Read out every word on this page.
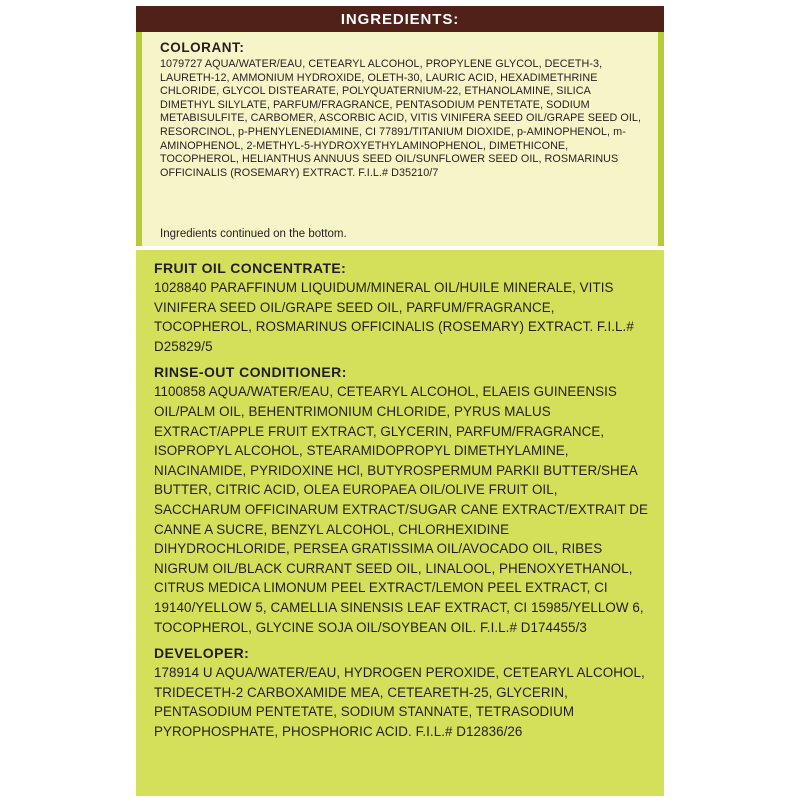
INGREDIENTS:
COLORANT:
1079727 AQUA/WATER/EAU, CETEARYL ALCOHOL, PROPYLENE GLYCOL, DECETH-3, LAURETH-12, AMMONIUM HYDROXIDE, OLETH-30, LAURIC ACID, HEXADIMETHRINE CHLORIDE, GLYCOL DISTEARATE, POLYQUATERNIUM-22, ETHANOLAMINE, SILICA DIMETHYL SILYLATE, PARFUM/FRAGRANCE, PENTASODIUM PENTETATE, SODIUM METABISULFITE, CARBOMER, ASCORBIC ACID, VITIS VINIFERA SEED OIL/GRAPE SEED OIL, RESORCINOL, p-PHENYLENEDIAMINE, CI 77891/TITANIUM DIOXIDE, p-AMINOPHENOL, m-AMINOPHENOL, 2-METHYL-5-HYDROXYETHYLAMINOPHENOL, DIMETHICONE, TOCOPHEROL, HELIANTHUS ANNUUS SEED OIL/SUNFLOWER SEED OIL, ROSMARINUS OFFICINALIS (ROSEMARY) EXTRACT. F.I.L.# D35210/7
Ingredients continued on the bottom.
FRUIT OIL CONCENTRATE:
1028840 PARAFFINUM LIQUIDUM/MINERAL OIL/HUILE MINERALE, VITIS VINIFERA SEED OIL/GRAPE SEED OIL, PARFUM/FRAGRANCE, TOCOPHEROL, ROSMARINUS OFFICINALIS (ROSEMARY) EXTRACT. F.I.L.# D25829/5
RINSE-OUT CONDITIONER:
1100858 AQUA/WATER/EAU, CETEARYL ALCOHOL, ELAEIS GUINEENSIS OIL/PALM OIL, BEHENTRIMONIUM CHLORIDE, PYRUS MALUS EXTRACT/APPLE FRUIT EXTRACT, GLYCERIN, PARFUM/FRAGRANCE, ISOPROPYL ALCOHOL, STEARAMIDOPROPYL DIMETHYLAMINE, NIACINAMIDE, PYRIDOXINE HCl, BUTYROSPERMUM PARKII BUTTER/SHEA BUTTER, CITRIC ACID, OLEA EUROPAEA OIL/OLIVE FRUIT OIL, SACCHARUM OFFICINARUM EXTRACT/SUGAR CANE EXTRACT/EXTRAIT DE CANNE A SUCRE, BENZYL ALCOHOL, CHLORHEXIDINE DIHYDROCHLORIDE, PERSEA GRATISSIMA OIL/AVOCADO OIL, RIBES NIGRUM OIL/BLACK CURRANT SEED OIL, LINALOOL, PHENOXYETHANOL, CITRUS MEDICA LIMONUM PEEL EXTRACT/LEMON PEEL EXTRACT, CI 19140/YELLOW 5, CAMELLIA SINENSIS LEAF EXTRACT, CI 15985/YELLOW 6, TOCOPHEROL, GLYCINE SOJA OIL/SOYBEAN OIL. F.I.L.# D174455/3
DEVELOPER:
178914 U AQUA/WATER/EAU, HYDROGEN PEROXIDE, CETEARYL ALCOHOL, TRIDECETH-2 CARBOXAMIDE MEA, CETEARETH-25, GLYCERIN, PENTASODIUM PENTETATE, SODIUM STANNATE, TETRASODIUM PYROPHOSPHATE, PHOSPHORIC ACID. F.I.L.# D12836/26
